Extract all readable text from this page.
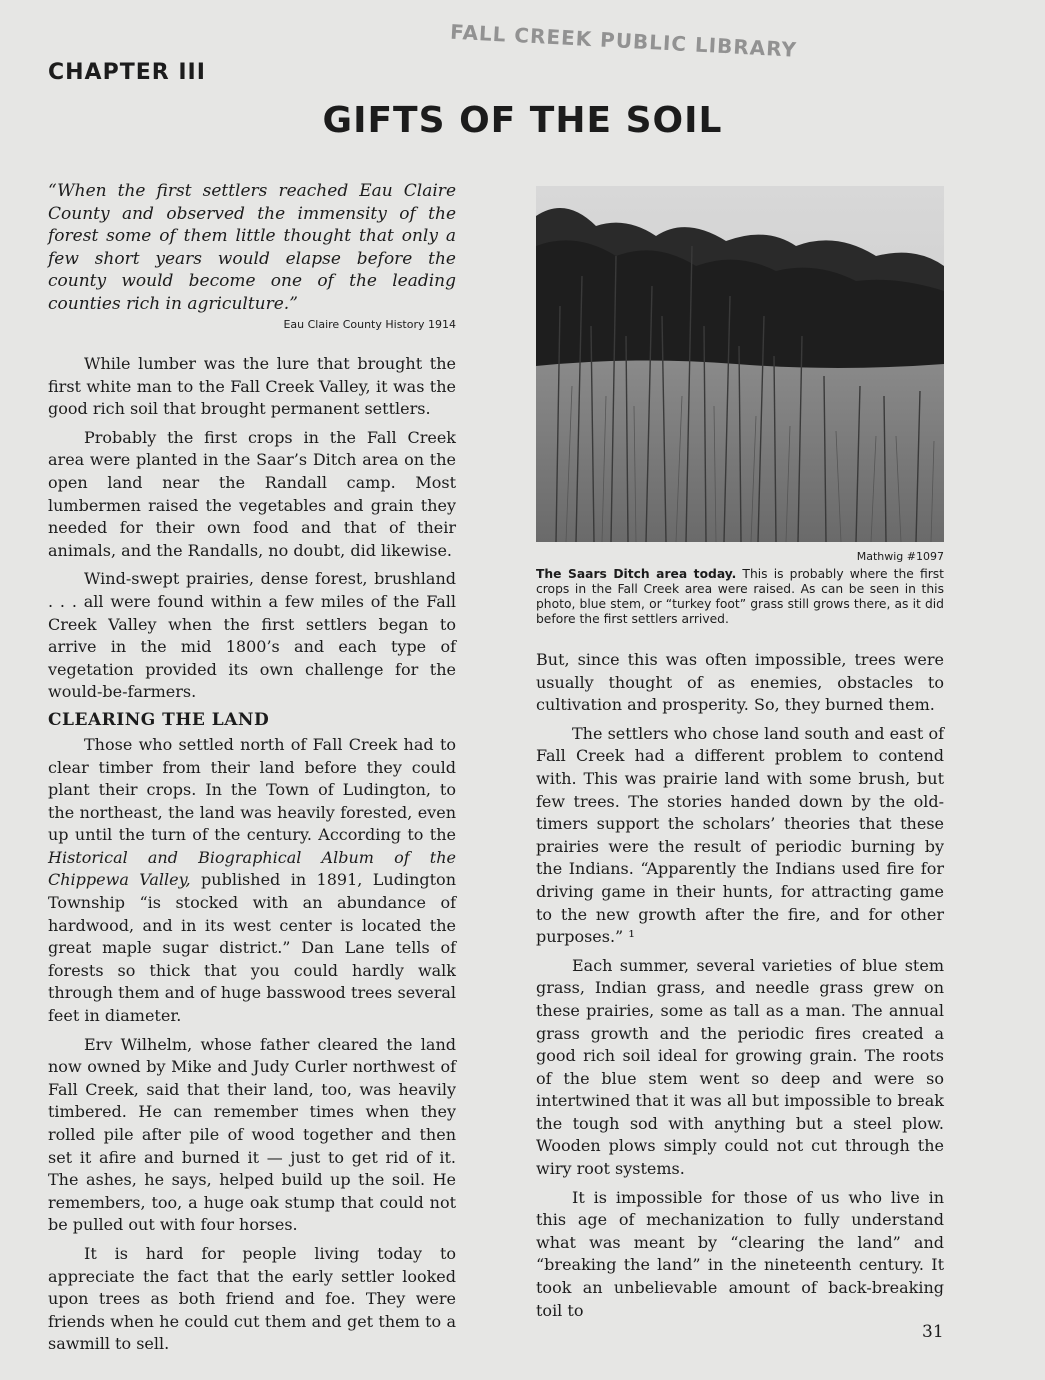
FALL CREEK PUBLIC LIBRARY
CHAPTER III
GIFTS OF THE SOIL

“When the first settlers reached Eau Claire County and observed the immensity of the forest some of them little thought that only a few short years would elapse before the county would become one of the leading counties rich in agriculture.”

Eau Claire County History 1914

While lumber was the lure that brought the first white man to the Fall Creek Valley, it was the good rich soil that brought permanent settlers.

Probably the first crops in the Fall Creek area were planted in the Saar’s Ditch area on the open land near the Randall camp. Most lumbermen raised the vegetables and grain they needed for their own food and that of their animals, and the Randalls, no doubt, did likewise.

Wind-swept prairies, dense forest, brushland . . . all were found within a few miles of the Fall Creek Valley when the first settlers began to arrive in the mid 1800’s and each type of vegetation provided its own challenge for the would-be-farmers.

CLEARING THE LAND

Those who settled north of Fall Creek had to clear timber from their land before they could plant their crops. In the Town of Ludington, to the northeast, the land was heavily forested, even up until the turn of the century. According to the Historical and Biographical Album of the Chippewa Valley, published in 1891, Ludington Township “is stocked with an abundance of hardwood, and in its west center is located the great maple sugar district.” Dan Lane tells of forests so thick that you could hardly walk through them and of huge basswood trees several feet in diameter.

Erv Wilhelm, whose father cleared the land now owned by Mike and Judy Curler northwest of Fall Creek, said that their land, too, was heavily timbered. He can remember times when they rolled pile after pile of wood together and then set it afire and burned it — just to get rid of it. The ashes, he says, helped build up the soil. He remembers, too, a huge oak stump that could not be pulled out with four horses.

It is hard for people living today to appreciate the fact that the early settler looked upon trees as both friend and foe. They were friends when he could cut them and get them to a sawmill to sell.

Mathwig #1097

The Saars Ditch area today. This is probably where the first crops in the Fall Creek area were raised. As can be seen in this photo, blue stem, or “turkey foot” grass still grows there, as it did before the first settlers arrived.

But, since this was often impossible, trees were usually thought of as enemies, obstacles to cultivation and prosperity. So, they burned them.

The settlers who chose land south and east of Fall Creek had a different problem to contend with. This was prairie land with some brush, but few trees. The stories handed down by the old-timers support the scholars’ theories that these prairies were the result of periodic burning by the Indians. “Apparently the Indians used fire for driving game in their hunts, for attracting game to the new growth after the fire, and for other purposes.” ¹

Each summer, several varieties of blue stem grass, Indian grass, and needle grass grew on these prairies, some as tall as a man. The annual grass growth and the periodic fires created a good rich soil ideal for growing grain. The roots of the blue stem went so deep and were so intertwined that it was all but impossible to break the tough sod with anything but a steel plow. Wooden plows simply could not cut through the wiry root systems.

It is impossible for those of us who live in this age of mechanization to fully understand what was meant by “clearing the land” and “breaking the land” in the nineteenth century. It took an unbelievable amount of back-breaking toil to

31
